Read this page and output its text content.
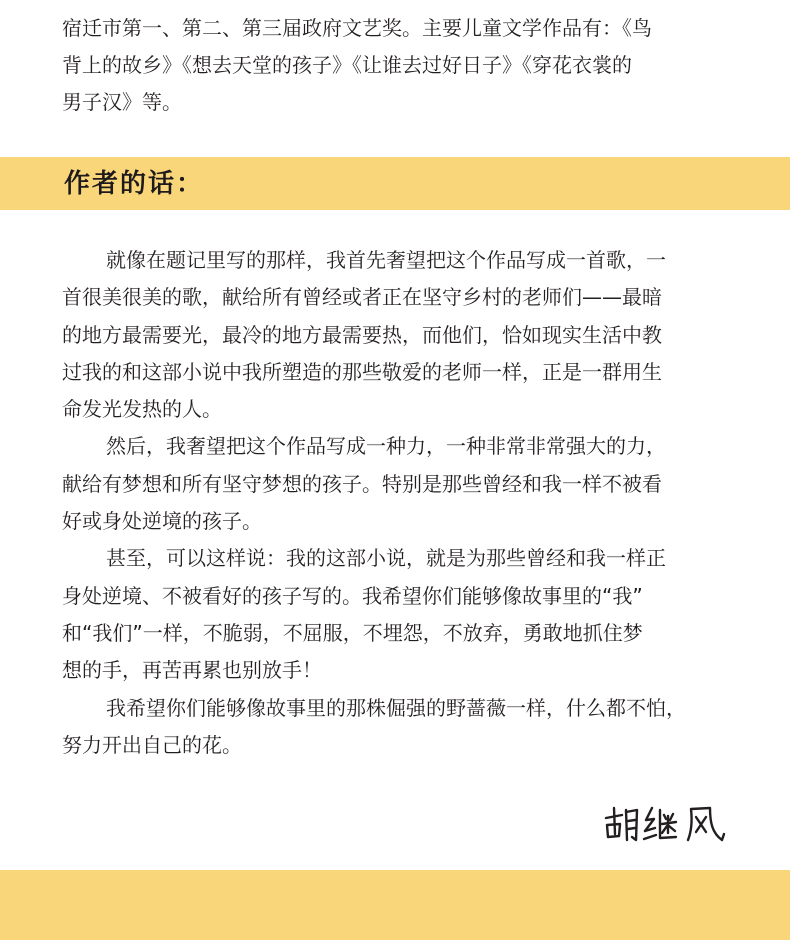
宿迁市第一、第二、第三届政府文艺奖。主要儿童文学作品有：《鸟
背上的故乡》《想去天堂的孩子》《让谁去过好日子》《穿花衣裳的
男子汉》等。
作者的话：
就像在题记里写的那样，我首先奢望把这个作品写成一首歌，一
首很美很美的歌，献给所有曾经或者正在坚守乡村的老师们——最暗
的地方最需要光，最冷的地方最需要热，而他们，恰如现实生活中教
过我的和这部小说中我所塑造的那些敬爱的老师一样，正是一群用生
命发光发热的人。
然后，我奢望把这个作品写成一种力，一种非常非常强大的力，
献给有梦想和所有坚守梦想的孩子。特别是那些曾经和我一样不被看
好或身处逆境的孩子。
甚至，可以这样说：我的这部小说，就是为那些曾经和我一样正
身处逆境、不被看好的孩子写的。我希望你们能够像故事里的“我”
和“我们”一样，不脆弱，不屈服，不埋怨，不放弃，勇敢地抓住梦
想的手，再苦再累也别放手！
我希望你们能够像故事里的那株倔强的野蔷薇一样，什么都不怕，
努力开出自己的花。
